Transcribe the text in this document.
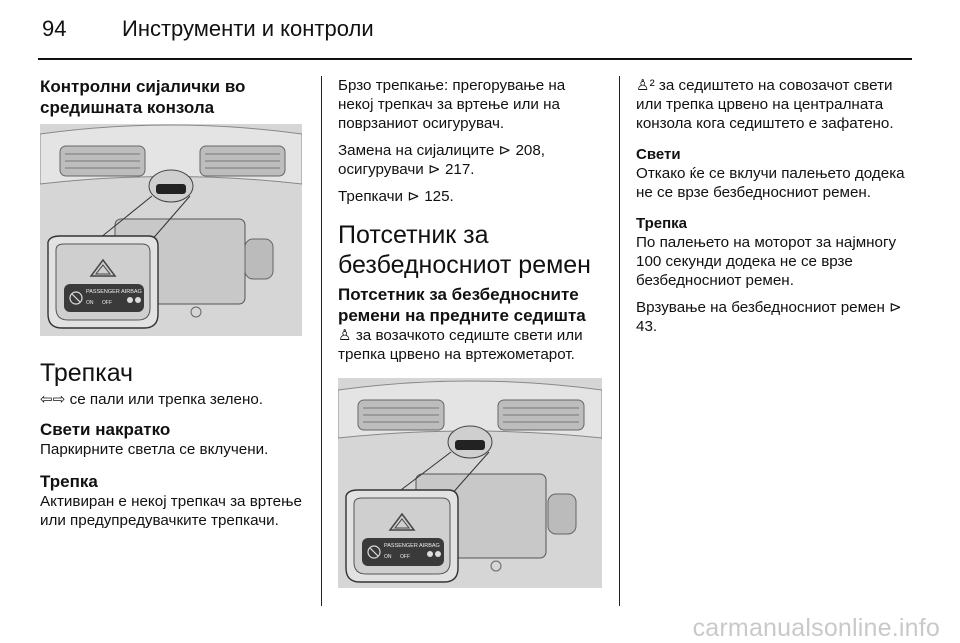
94	Инструменти и контроли
Контролни сијалички во средишната конзола
PASSENGER AIRBAG
ON OFF
Трепкач

⇦⇨ се пали или трепка зелено.

Свети накратко

Паркирните светла се вклучени.

Трепка

Активиран е некој трепкач за вртење или предупредувачките трепкачи.

Брзо трепкање: прегорување на некој трепкач за вртење или на поврзаниот осигурувач.

Замена на сијалиците ⊳ 208,
осигурувачи ⊳ 217.

Трепкачи ⊳ 125.

Потсетник за безбедносниот ремен
Потсетник за безбедносните ремени на предните седишта

♙ за возачкото седиште свети или трепка црвено на вртежометарот.

PASSENGER AIRBAG
ON OFF

♙² за седиштето на совозачот свети или трепка црвено на централната конзола кога седиштето е зафатено.

Свети

Откако ќе се вклучи палењето додека не се врзе безбедносниот ремен.

Трепка

По палењето на моторот за најмногу 100 секунди додека не се врзе безбедносниот ремен.

Врзување на безбедносниот ремен ⊳ 43.

carmanualsonline.info
